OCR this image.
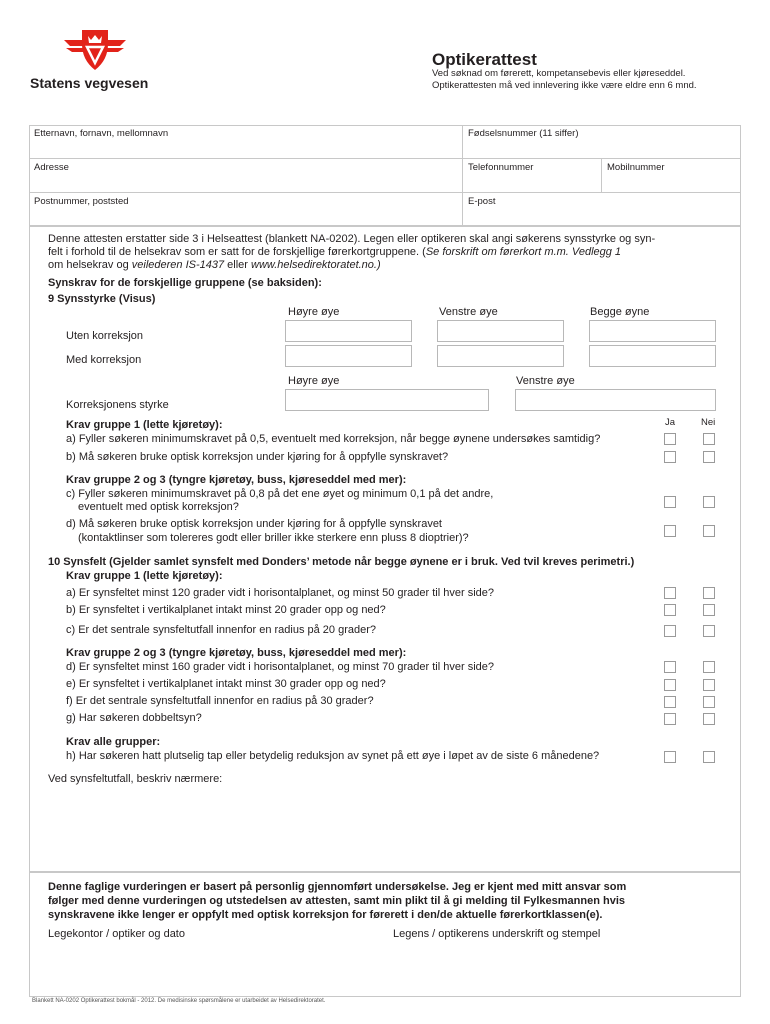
Statens vegvesen
Optikerattest
Ved søknad om førerett, kompetansebevis eller kjøreseddel.
Optikerattesten må ved innlevering ikke være eldre enn 6 mnd.
Etternavn, fornavn, mellomnavn	Fødselsnummer (11 siffer)
Adresse	Telefonnummer	Mobilnummer
Postnummer, poststed	E-post
Denne attesten erstatter side 3 i Helseattest (blankett NA-0202). Legen eller optikeren skal angi søkerens synsstyrke og syn-
felt i forhold til de helsekrav som er satt for de forskjellige førerkortgruppene. (Se forskrift om førerkort m.m. Vedlegg 1
om helsekrav og veilederen IS-1437 eller www.helsedirektoratet.no.)
Synskrav for de forskjellige gruppene (se baksiden):
9 Synsstyrke (Visus)
Høyre øye	Venstre øye	Begge øyne
Uten korreksjon
Med korreksjon
Høyre øye	Venstre øye
Korreksjonens styrke
Ja	Nei
Krav gruppe 1 (lette kjøretøy):
a) Fyller søkeren minimumskravet på 0,5, eventuelt med korreksjon, når begge øynene undersøkes samtidig?
b) Må søkeren bruke optisk korreksjon under kjøring for å oppfylle synskravet?
Krav gruppe 2 og 3 (tyngre kjøretøy, buss, kjøreseddel med mer):
c) Fyller søkeren minimumskravet på 0,8 på det ene øyet og minimum 0,1 på det andre,
eventuelt med optisk korreksjon?
d) Må søkeren bruke optisk korreksjon under kjøring for å oppfylle synskravet
(kontaktlinser som tolereres godt eller briller ikke sterkere enn pluss 8 dioptrier)?
10 Synsfelt (Gjelder samlet synsfelt med Donders’ metode når begge øynene er i bruk. Ved tvil kreves perimetri.)
Krav gruppe 1 (lette kjøretøy):
a) Er synsfeltet minst 120 grader vidt i horisontalplanet, og minst 50 grader til hver side?
b) Er synsfeltet i vertikalplanet intakt minst 20 grader opp og ned?
c) Er det sentrale synsfeltutfall innenfor en radius på 20 grader?
Krav gruppe 2 og 3 (tyngre kjøretøy, buss, kjøreseddel med mer):
d) Er synsfeltet minst 160 grader vidt i horisontalplanet, og minst 70 grader til hver side?
e) Er synsfeltet i vertikalplanet intakt minst 30 grader opp og ned?
f) Er det sentrale synsfeltutfall innenfor en radius på 30 grader?
g) Har søkeren dobbeltsyn?
Krav alle grupper:
h) Har søkeren hatt plutselig tap eller betydelig reduksjon av synet på ett øye i løpet av de siste 6 månedene?
Ved synsfeltutfall, beskriv nærmere:
Denne faglige vurderingen er basert på personlig gjennomført undersøkelse. Jeg er kjent med mitt ansvar som
følger med denne vurderingen og utstedelsen av attesten, samt min plikt til å gi melding til Fylkesmannen hvis
synskravene ikke lenger er oppfylt med optisk korreksjon for førerett i den/de aktuelle førerkortklassen(e).
Legekontor / optiker og dato	Legens / optikerens underskrift og stempel
Blankett NA-0202 Optikerattest bokmål - 2012. De medisinske spørsmålene er utarbeidet av Helsedirektoratet.
